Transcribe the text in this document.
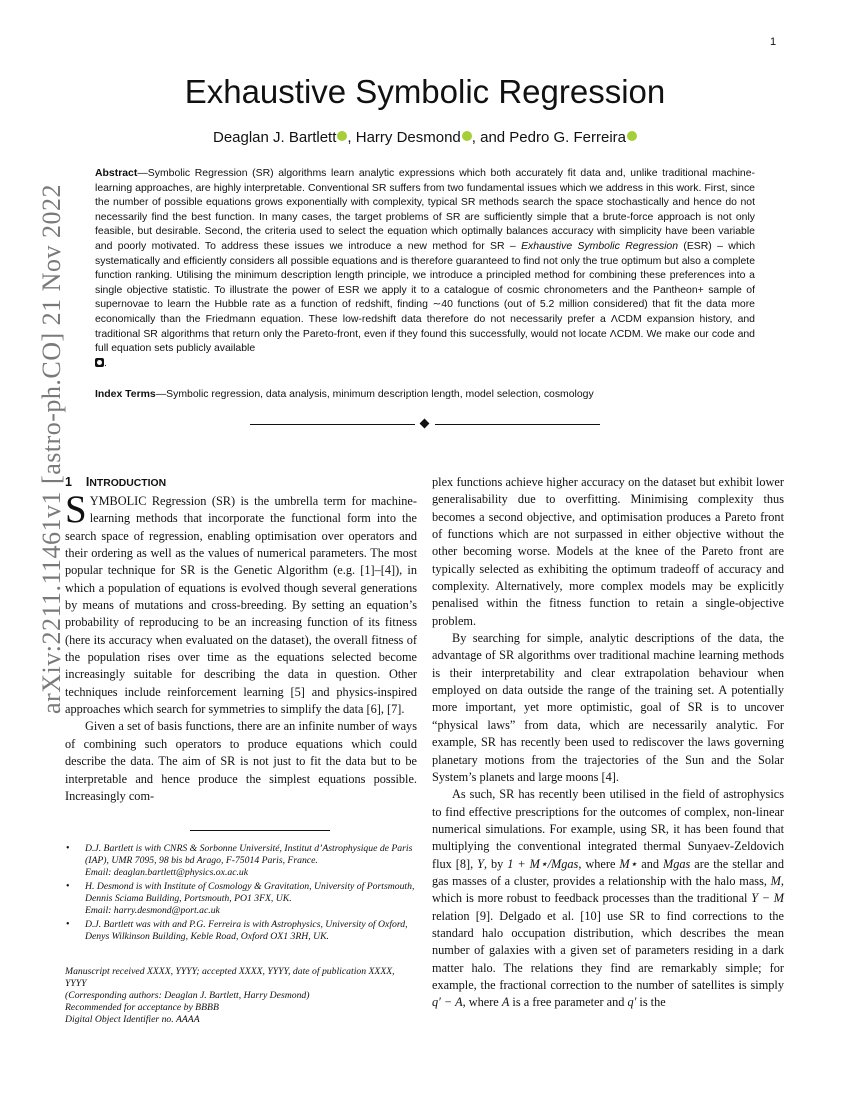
1
arXiv:2211.11461v1 [astro-ph.CO] 21 Nov 2022
Exhaustive Symbolic Regression
Deaglan J. Bartlett , Harry Desmond , and Pedro G. Ferreira
Abstract—Symbolic Regression (SR) algorithms learn analytic expressions which both accurately fit data and, unlike traditional machine-learning approaches, are highly interpretable. Conventional SR suffers from two fundamental issues which we address in this work. First, since the number of possible equations grows exponentially with complexity, typical SR methods search the space stochastically and hence do not necessarily find the best function. In many cases, the target problems of SR are sufficiently simple that a brute-force approach is not only feasible, but desirable. Second, the criteria used to select the equation which optimally balances accuracy with simplicity have been variable and poorly motivated. To address these issues we introduce a new method for SR – Exhaustive Symbolic Regression (ESR) – which systematically and efficiently considers all possible equations and is therefore guaranteed to find not only the true optimum but also a complete function ranking. Utilising the minimum description length principle, we introduce a principled method for combining these preferences into a single objective statistic. To illustrate the power of ESR we apply it to a catalogue of cosmic chronometers and the Pantheon+ sample of supernovae to learn the Hubble rate as a function of redshift, finding ∼40 functions (out of 5.2 million considered) that fit the data more economically than the Friedmann equation. These low-redshift data therefore do not necessarily prefer a ΛCDM expansion history, and traditional SR algorithms that return only the Pareto-front, even if they found this successfully, would not locate ΛCDM. We make our code and full equation sets publicly available
.
Index Terms—Symbolic regression, data analysis, minimum description length, model selection, cosmology
1 INTRODUCTION

SYMBOLIC Regression (SR) is the umbrella term for machine-learning methods that incorporate the functional form into the search space of regression, enabling optimisation over operators and their ordering as well as the values of numerical parameters. The most popular technique for SR is the Genetic Algorithm (e.g. [1]–[4]), in which a population of equations is evolved though several generations by means of mutations and cross-breeding. By setting an equation’s probability of reproducing to be an increasing function of its fitness (here its accuracy when evaluated on the dataset), the overall fitness of the population rises over time as the equations selected become increasingly suitable for describing the data in question. Other techniques include reinforcement learning [5] and physics-inspired approaches which search for symmetries to simplify the data [6], [7].

Given a set of basis functions, there are an infinite number of ways of combining such operators to produce equations which could describe the data. The aim of SR is not just to fit the data but to be interpretable and hence produce the simplest equations possible. Increasingly com-

• D.J. Bartlett is with CNRS & Sorbonne Université, Institut d’Astrophysique de Paris (IAP), UMR 7095, 98 bis bd Arago, F-75014 Paris, France.
Email: deaglan.bartlett@physics.ox.ac.uk
• H. Desmond is with Institute of Cosmology & Gravitation, University of Portsmouth, Dennis Sciama Building, Portsmouth, PO1 3FX, UK.
Email: harry.desmond@port.ac.uk
• D.J. Bartlett was with and P.G. Ferreira is with Astrophysics, University of Oxford, Denys Wilkinson Building, Keble Road, Oxford OX1 3RH, UK.
Manuscript received XXXX, YYYY; accepted XXXX, YYYY, date of publication XXXX, YYYY
(Corresponding authors: Deaglan J. Bartlett, Harry Desmond)
Recommended for acceptance by BBBB
Digital Object Identifier no. AAAA

plex functions achieve higher accuracy on the dataset but exhibit lower generalisability due to overfitting. Minimising complexity thus becomes a second objective, and optimisation produces a Pareto front of functions which are not surpassed in either objective without the other becoming worse. Models at the knee of the Pareto front are typically selected as exhibiting the optimum tradeoff of accuracy and complexity. Alternatively, more complex models may be explicitly penalised within the fitness function to retain a single-objective problem.

By searching for simple, analytic descriptions of the data, the advantage of SR algorithms over traditional machine learning methods is their interpretability and clear extrapolation behaviour when employed on data outside the range of the training set. A potentially more important, yet more optimistic, goal of SR is to uncover “physical laws” from data, which are necessarily analytic. For example, SR has recently been used to rediscover the laws governing planetary motions from the trajectories of the Sun and the Solar System’s planets and large moons [4].

As such, SR has recently been utilised in the field of astrophysics to find effective prescriptions for the outcomes of complex, non-linear numerical simulations. For example, using SR, it has been found that multiplying the conventional integrated thermal Sunyaev-Zeldovich flux [8], Y, by 1 + M⋆/Mgas, where M⋆ and Mgas are the stellar and gas masses of a cluster, provides a relationship with the halo mass, M, which is more robust to feedback processes than the traditional Y − M relation [9]. Delgado et al. [10] use SR to find corrections to the standard halo occupation distribution, which describes the mean number of galaxies with a given set of parameters residing in a dark matter halo. The relations they find are remarkably simple; for example, the fractional correction to the number of satellites is simply q′ − A, where A is a free parameter and q′ is the
